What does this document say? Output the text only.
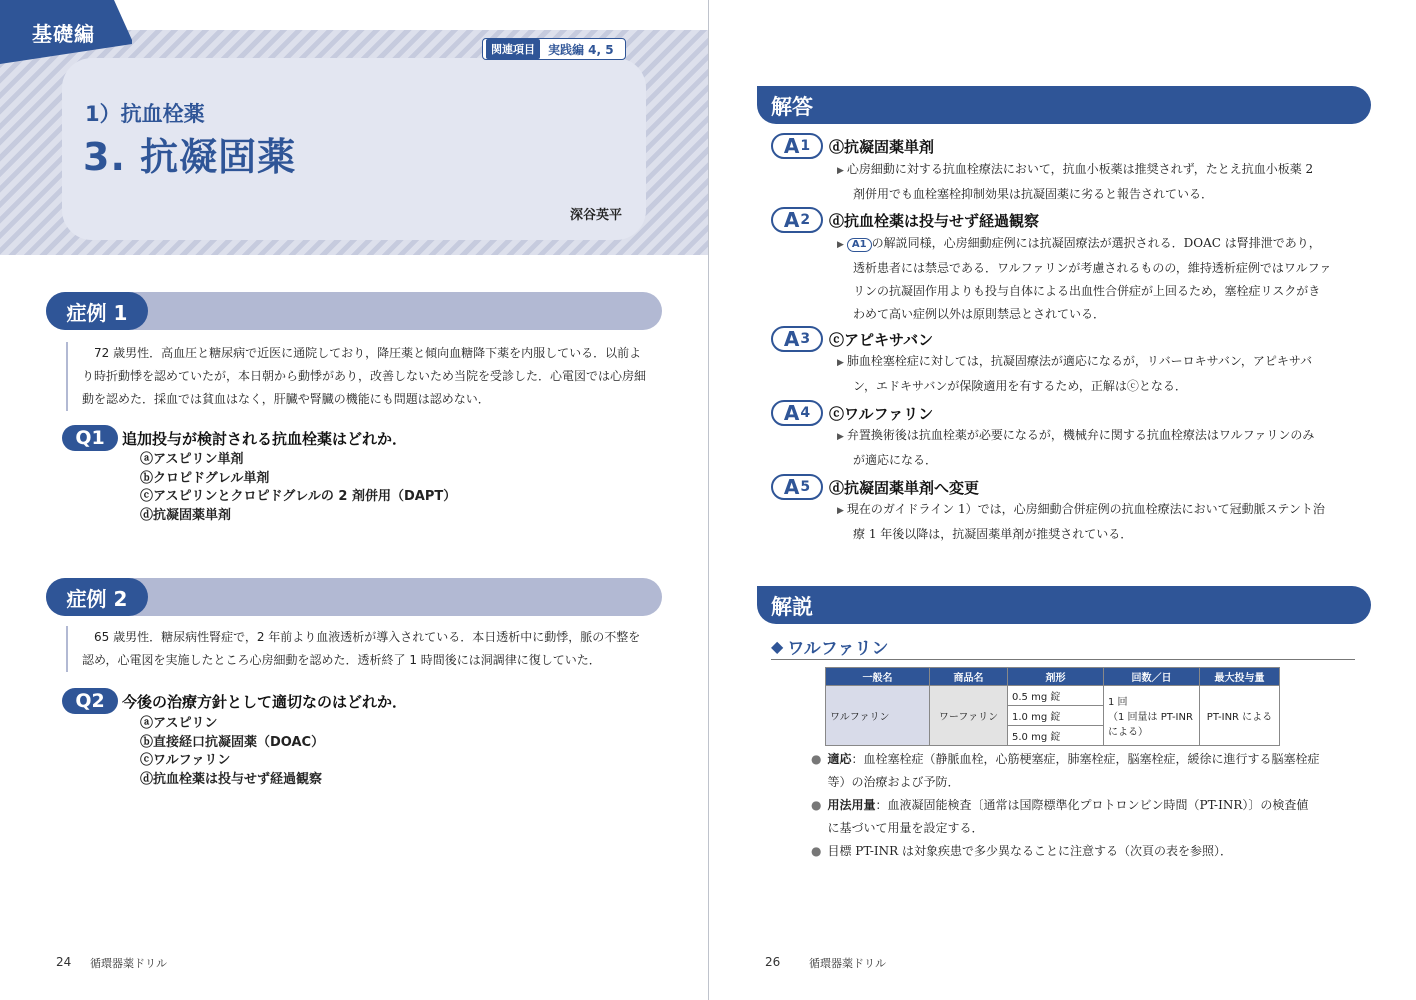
基礎編
関連項目	実践編 4, 5
1）抗血栓薬
3. 抗凝固薬
深谷英平
症例 1

72 歳男性．高血圧と糖尿病で近医に通院しており，降圧薬と傾向血糖降下薬を内服している．以前より時折動悸を認めていたが，本日朝から動悸があり，改善しないため当院を受診した．心電図では心房細動を認めた．採血では貧血はなく，肝臓や腎臓の機能にも問題は認めない．

Q1	追加投与が検討される抗血栓薬はどれか．
ⓐアスピリン単剤
ⓑクロピドグレル単剤
ⓒアスピリンとクロピドグレルの 2 剤併用（DAPT）
ⓓ抗凝固薬単剤
症例 2

65 歳男性．糖尿病性腎症で，2 年前より血液透析が導入されている．本日透析中に動悸，脈の不整を認め，心電図を実施したところ心房細動を認めた．透析終了 1 時間後には洞調律に復していた．

Q2	今後の治療方針として適切なのはどれか．
ⓐアスピリン
ⓑ直接経口抗凝固薬（DOAC）
ⓒワルファリン
ⓓ抗血栓薬は投与せず経過観察
24 循環器薬ドリル
解答
A 1 ⓓ抗凝固薬単剤
▶ 心房細動に対する抗血栓療法において，抗血小板薬は推奨されず，たとえ抗血小板薬 2
剤併用でも血栓塞栓抑制効果は抗凝固薬に劣ると報告されている．
A 2 ⓓ抗血栓薬は投与せず経過観察
▶ A1 の解説同様，心房細動症例には抗凝固療法が選択される．DOAC は腎排泄であり，
透析患者には禁忌である．ワルファリンが考慮されるものの，維持透析症例ではワルファ
リンの抗凝固作用よりも投与自体による出血性合併症が上回るため，塞栓症リスクがき
わめて高い症例以外は原則禁忌とされている．
A 3 ⓒアピキサバン
▶ 肺血栓塞栓症に対しては，抗凝固療法が適応になるが，リバーロキサバン，アピキサバ
ン，エドキサバンが保険適用を有するため，正解はⓒとなる．
A 4 ⓒワルファリン
▶ 弁置換術後は抗血栓薬が必要になるが，機械弁に関する抗血栓療法はワルファリンのみ
が適応になる．
A 5 ⓓ抗凝固薬単剤へ変更
▶ 現在のガイドライン 1）では，心房細動合併症例の抗血栓療法において冠動脈ステント治
療 1 年後以降は，抗凝固薬単剤が推奨されている．
解説
◆ ワルファリン
一般名	商品名	剤形	回数／日	最大投与量
ワルファリン	ワーファリン	0.5 mg 錠	1 回
（1 回量は PT-INR
による）	PT-INR による
		1.0 mg 錠		
		5.0 mg 錠		
● 適応：血栓塞栓症（静脈血栓，心筋梗塞症，肺塞栓症，脳塞栓症，緩徐に進行する脳塞栓症
等）の治療および予防．
● 用法用量：血液凝固能検査〔通常は国際標準化プロトロンビン時間（PT-INR）〕の検査値
に基づいて用量を設定する．
● 目標 PT-INR は対象疾患で多少異なることに注意する（次頁の表を参照）．
26	循環器薬ドリル
